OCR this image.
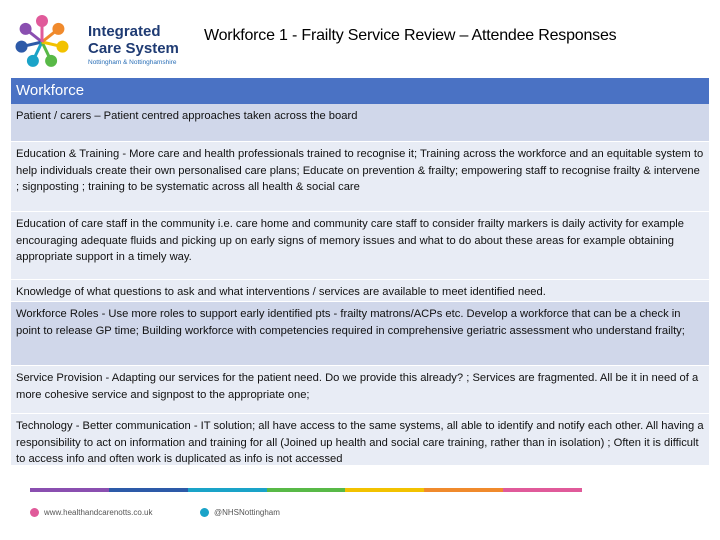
Integrated
Care System
Nottingham & Nottinghamshire
Workforce 1 - Frailty Service Review – Attendee Responses
Workforce
Patient / carers – Patient centred approaches taken across the board
Education & Training - More care and health professionals trained to recognise it; Training across the workforce and an equitable system to help individuals create their own personalised care plans; Educate on prevention & frailty; empowering staff to recognise frailty & intervene ; signposting ; training to be systematic across all health & social care
Education of care staff in the community i.e. care home and community care staff to consider frailty markers is daily activity for example encouraging adequate fluids and picking up on early signs of memory issues and what to do about these areas for example obtaining appropriate support in a timely way.
Knowledge of what questions to ask and what interventions / services are available to meet identified need.
Workforce Roles - Use more roles to support early identified pts - frailty matrons/ACPs etc. Develop a workforce that can be a check in point to release GP time; Building workforce with competencies required in comprehensive geriatric assessment who understand frailty;
Service Provision - Adapting our services for the patient need. Do we provide this already? ; Services are fragmented. All be it in need of a more cohesive service and signpost to the appropriate one;
Technology - Better communication - IT solution; all have access to the same systems, all able to identify and notify each other. All having a responsibility to act on information and training for all (Joined up health and social care training, rather than in isolation) ; Often it is difficult to access info and often work is duplicated as info is not accessed
www.healthandcarenotts.co.uk	@NHSNottingham
